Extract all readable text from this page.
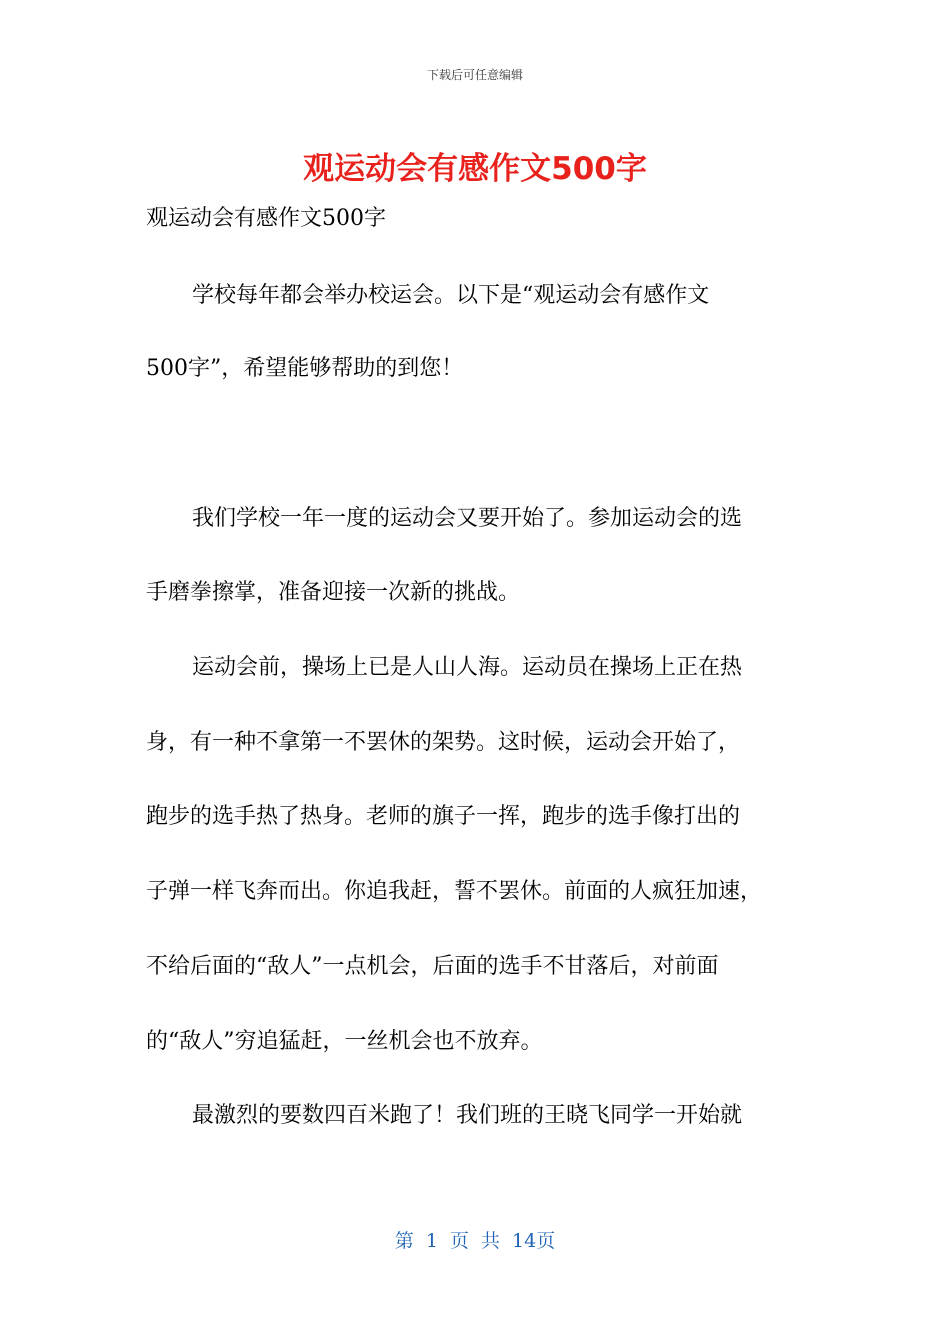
下载后可任意编辑
观运动会有感作文500字
观运动会有感作文500字
学校每年都会举办校运会。以下是“观运动会有感作文
500字”，希望能够帮助的到您！
我们学校一年一度的运动会又要开始了。参加运动会的选
手磨拳擦掌，准备迎接一次新的挑战。
运动会前，操场上已是人山人海。运动员在操场上正在热
身，有一种不拿第一不罢休的架势。这时候，运动会开始了，
跑步的选手热了热身。老师的旗子一挥，跑步的选手像打出的
子弹一样飞奔而出。你追我赶，誓不罢休。前面的人疯狂加速，
不给后面的“敌人”一点机会，后面的选手不甘落后，对前面
的“敌人”穷追猛赶，一丝机会也不放弃。
最激烈的要数四百米跑了！我们班的王晓飞同学一开始就
第 1 页 共 14页
